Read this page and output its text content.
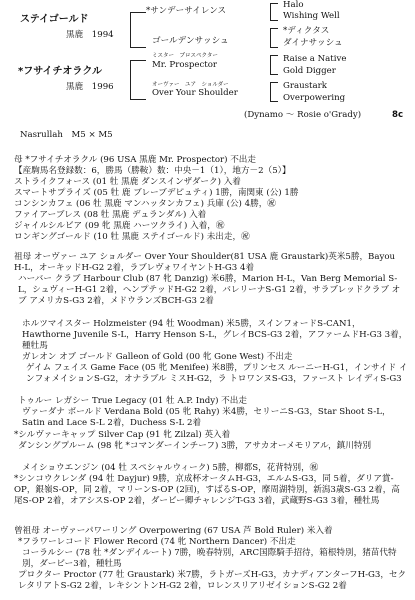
ステイゴールド
黒鹿　1994
*フサイチオラクル
黒鹿　1996
*サンデーサイレンス
ゴールデンサッシュ
ミスター　プロスペクター
Mr. Prospector
オーヴァー　ユア　ショルダー
Over Your Shoulder
Halo
Wishing Well
*ディクタス
ダイナサッシュ
Raise a Native
Gold Digger
Graustark
Overpowering
(Dynamo ～ Rosie o'Grady)	8c
Nasrullah　M5 × M5
母 *フサイチオラクル (96 USA 黒鹿 Mr. Prospector) 不出走
【産駒馬名登録数：6，勝馬（勝鞍）数：中央－1（1），地方－2（5）】
ストライクフォース (01 牡 黒鹿 ダンスインザダーク) 入着
スマートサプライズ (05 牡 鹿 ブレーブデピュティ) 1勝，南関東 (公) 1勝
コンシンカフェ (06 牡 黒鹿 マンハッタンカフェ) 兵庫 (公) 4勝，㊗
ファイアーブレス (08 牡 黒鹿 デュランダル) 入着
ジャイルシルビア (09 牝 黒鹿 ハーツクライ) 入着，㊗
ロンギングゴールド (10 牡 黒鹿 ステイゴールド) 未出走，㊗
祖母 オーヴァー ユア ショルダー Over Your Shoulder(81 USA 鹿 Graustark)英米5勝，Bayou H-L，オーキッドH-G2 2着，ラブレヴォワイヤントH-G3 4着
ハーバー クラブ Harbour Club (87 牝 Danzig) 米6勝，Marion H-L，Van Berg Memorial S-L，シュヴィーH-G1 2着，ヘンプテッドH-G2 2着，バレリーナS-G1 2着，サラブレッドクラブ オブ アメリカS-G3 2着，メドウランズBCH-G3 2着
ホルツマイスター Holzmeister (94 牡 Woodman) 米5勝，スインフォードS-CAN1，Hawthorne Juvenile S-L，Harry Henson S-L，グレイBCS-G3 2着，アファームドH-G3 3着，種牡馬
ガレオン オブ ゴールド Galleon of Gold (00 牝 Gone West) 不出走
ゲイム フェイス Game Face (05 牝 Menifee) 米8勝，プリンセス ルーニーH-G1，インサイド インフォメイションS-G2，オナラブル ミスH-G2，ラ トロワンヌS-G3，ファースト レイディS-G3
トゥルー レガシー True Legacy (01 牡 A.P. Indy) 不出走
ヴァーダナ ボールド Verdana Bold (05 牝 Rahy) 米4勝，セリーニS-G3，Star Shoot S-L，Satin and Lace S-L 2着，Duchess S-L 2着
*シルヴァーキャップ Silver Cap (91 牝 Zilzal) 英入着
ダンシングプルーム (98 牝 *コマンダーインチーフ) 3勝，アサカオーメモリアル，鎮川特別
メイショウエンジン (04 牡 スペシャルウィーク) 5勝，柳都S，花背特別，㊗
*シンコウクレンダ (94 牡 Dayjur) 9勝，京成杯オータムH-G3，エルムS-G3，同 5着，ダリア賞-OP，銀嶺S-OP，同 2着，マリーンS-OP (2回)，すばるS-OP，摩周湖特別，新潟3歳S-G3 2着，高尾S-OP 2着，オアシスS-OP 2着，ダービー卿チャレンジT-G3 3着，武蔵野S-G3 3着，種牡馬
曾祖母 オーヴァーパワーリング Overpowering (67 USA 芦 Bold Ruler) 米入着
*フラワーレコード Flower Record (74 牝 Northern Dancer) 不出走
コーラルシー (78 牡 *ダンデイルート) 7勝，晩春特別，ARC国際騎手招待，箱根特別，猪苗代特別，ダービー3着，種牡馬
プロクター Proctor (77 牡 Graustark) 米7勝，ラトガーズH-G3，カナディアンターフH-G3，セクレタリアトS-G2 2着，レキシントンH-G2 2着，ロレンスリアリゼイションS-G2 2着
